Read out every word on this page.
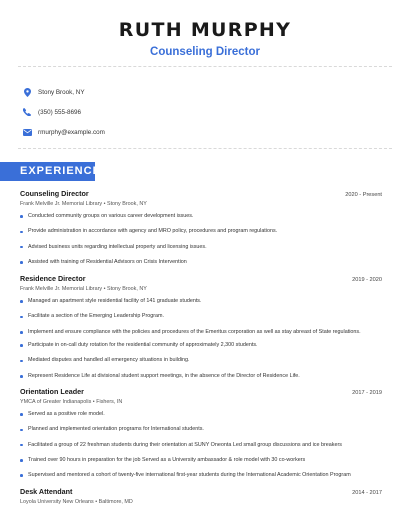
RUTH MURPHY
Counseling Director
Stony Brook, NY
(350) 555-8696
rmurphy@example.com
EXPERIENCE
Counseling Director	2020 - Present
Frank Melville Jr. Memorial Library • Stony Brook, NY
Conducted community groups on various career development issues.
Provide administration in accordance with agency and MRO policy, procedures and program regulations.
Advised business units regarding intellectual property and licensing issues.
Assisted with training of Residential Advisors on Crisis Intervention
Residence Director	2019 - 2020
Frank Melville Jr. Memorial Library • Stony Brook, NY
Managed an apartment style residential facility of 141 graduate students.
Facilitate a section of the Emerging Leadership Program.
Implement and ensure compliance with the policies and procedures of the Emeritus corporation as well as stay abreast of State regulations.
Participate in on-call duty rotation for the residential community of approximately 2,300 students.
Mediated disputes and handled all emergency situations in building.
Represent Residence Life at divisional student support meetings, in the absence of the Director of Residence Life.
Orientation Leader	2017 - 2019
YMCA of Greater Indianapolis • Fishers, IN
Served as a positive role model.
Planned and implemented orientation programs for International students.
Facilitated a group of 22 freshman students during their orientation at SUNY Oneonta Led small group discussions and ice breakers
Trained over 90 hours in preparation for the job Served as a University ambassador & role model with 30 co-workers
Supervised and mentored a cohort of twenty-five international first-year students during the International Academic Orientation Program
Desk Attendant	2014 - 2017
Loyola University New Orleans • Baltimore, MD
